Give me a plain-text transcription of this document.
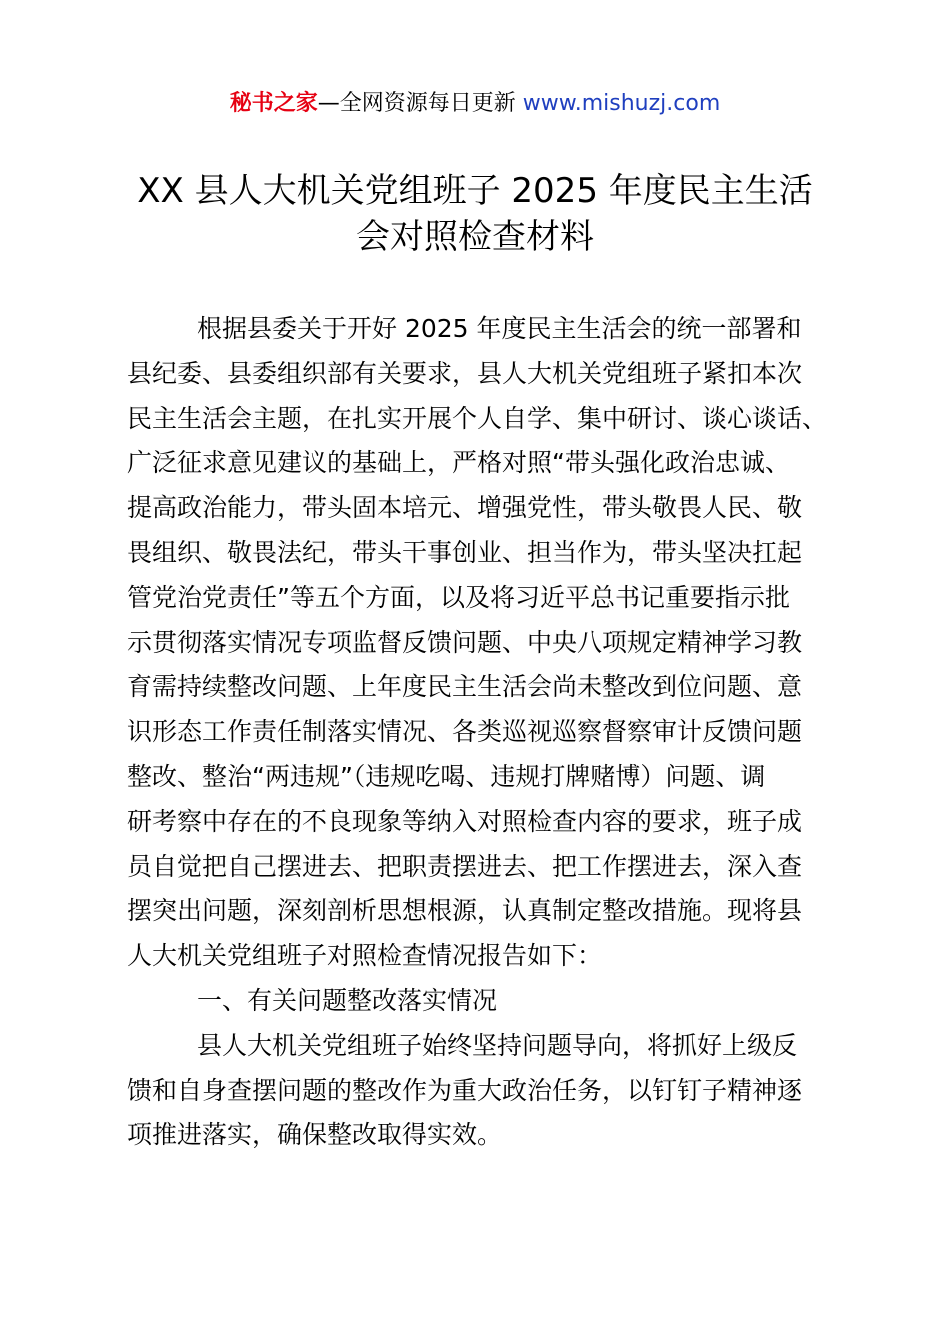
秘书之家—全网资源每日更新 www.mishuzj.com
XX 县人大机关党组班子 2025 年度民主生活
会对照检查材料
根据县委关于开好 2025 年度民主生活会的统一部署和
县纪委、县委组织部有关要求，县人大机关党组班子紧扣本次
民主生活会主题，在扎实开展个人自学、集中研讨、谈心谈话、
广泛征求意见建议的基础上，严格对照“带头强化政治忠诚、
提高政治能力，带头固本培元、增强党性，带头敬畏人民、敬
畏组织、敬畏法纪，带头干事创业、担当作为，带头坚决扛起
管党治党责任”等五个方面，以及将习近平总书记重要指示批
示贯彻落实情况专项监督反馈问题、中央八项规定精神学习教
育需持续整改问题、上年度民主生活会尚未整改到位问题、意
识形态工作责任制落实情况、各类巡视巡察督察审计反馈问题
整改、整治“两违规”（违规吃喝、违规打牌赌博）问题、调
研考察中存在的不良现象等纳入对照检查内容的要求，班子成
员自觉把自己摆进去、把职责摆进去、把工作摆进去，深入查
摆突出问题，深刻剖析思想根源，认真制定整改措施。现将县
人大机关党组班子对照检查情况报告如下：
一、有关问题整改落实情况
县人大机关党组班子始终坚持问题导向，将抓好上级反
馈和自身查摆问题的整改作为重大政治任务，以钉钉子精神逐
项推进落实，确保整改取得实效。
